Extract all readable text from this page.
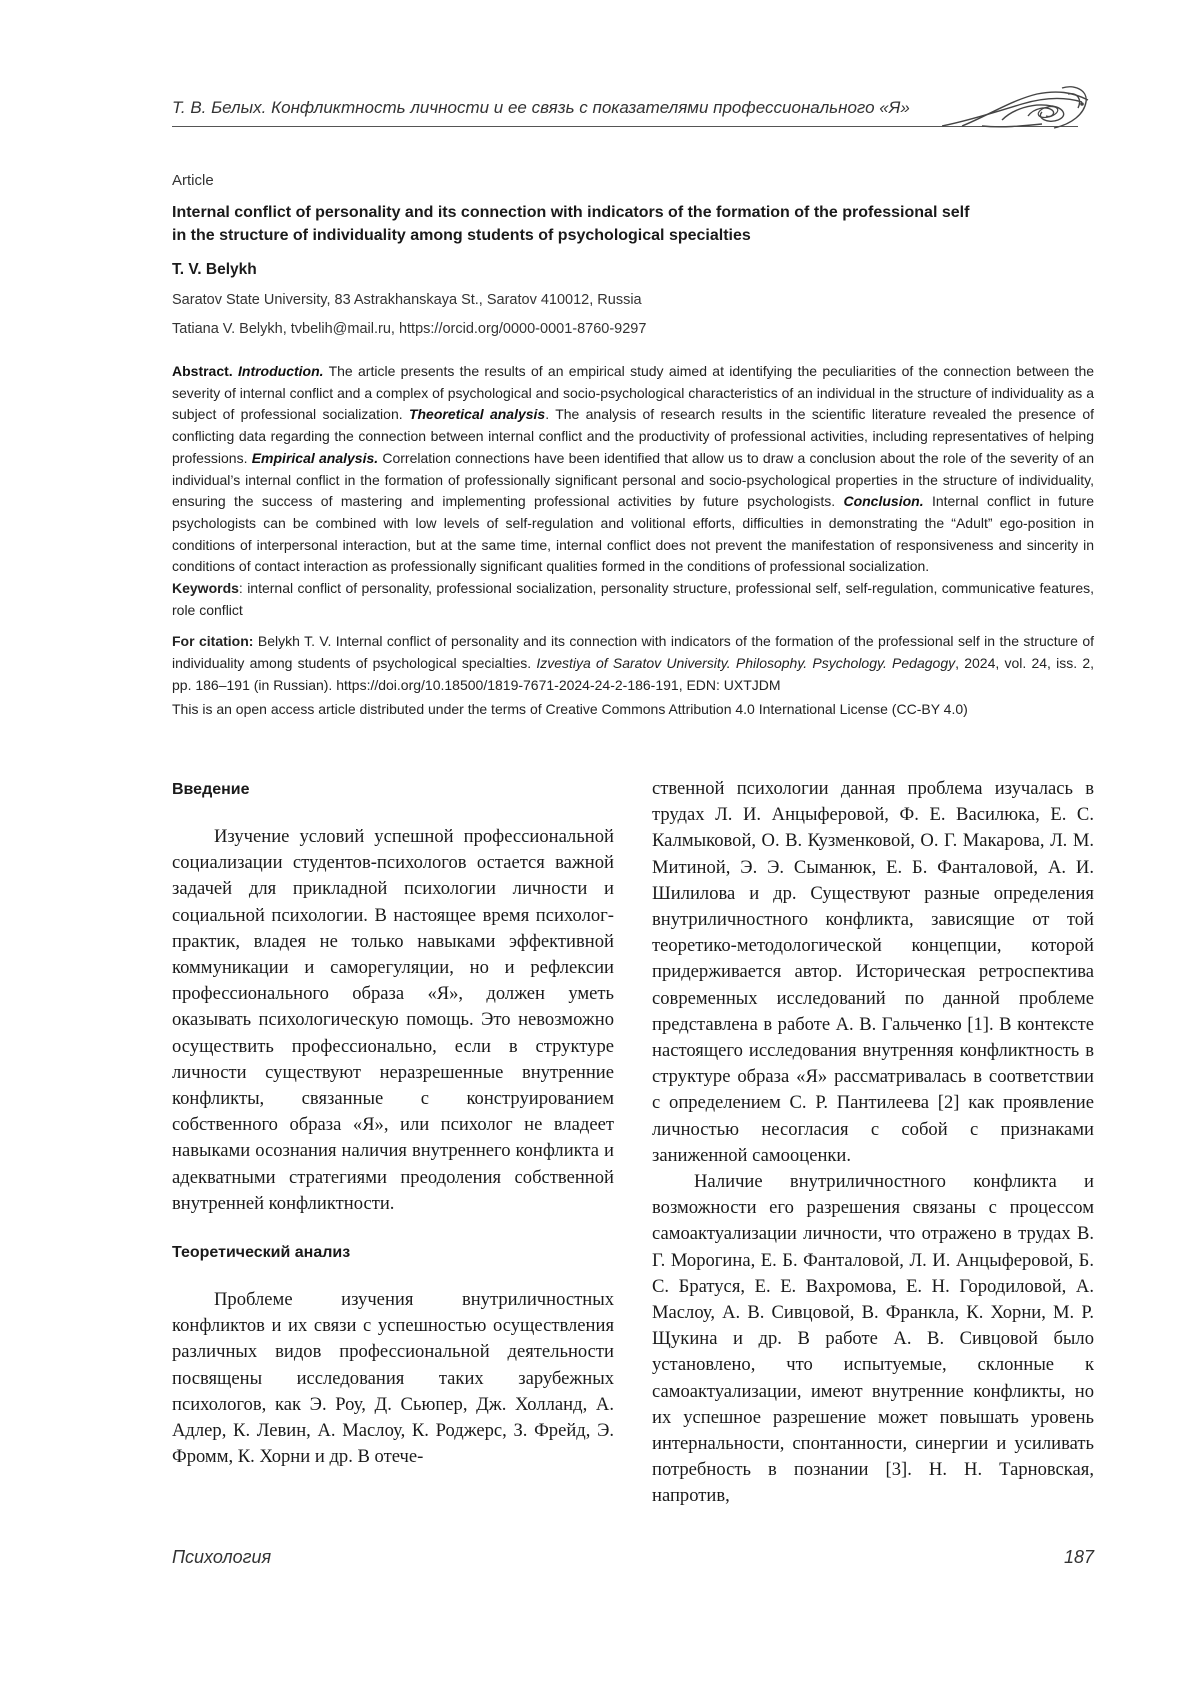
Т. В. Белых. Конфликтность личности и ее связь с показателями профессионального «Я»
Article
Internal conflict of personality and its connection with indicators of the formation of the professional self
in the structure of individuality among students of psychological specialties
T. V. Belykh
Saratov State University, 83 Astrakhanskaya St., Saratov 410012, Russia
Tatiana V. Belykh, tvbelih@mail.ru, https://orcid.org/0000-0001-8760-9297
Abstract. Introduction. The article presents the results of an empirical study aimed at identifying the peculiarities of the connection between the severity of internal conflict and a complex of psychological and socio-psychological characteristics of an individual in the structure of individuality as a subject of professional socialization. Theoretical analysis. The analysis of research results in the scientific literature revealed the presence of conflicting data regarding the connection between internal conflict and the productivity of professional activities, including representatives of helping professions. Empirical analysis. Correlation connections have been identified that allow us to draw a conclusion about the role of the severity of an individual’s internal conflict in the formation of professionally significant personal and socio-psychological properties in the structure of individuality, ensuring the success of mastering and implementing professional activities by future psychologists. Conclusion. Internal conflict in future psychologists can be combined with low levels of self-regulation and volitional efforts, difficulties in demonstrating the “Adult” ego-position in conditions of interpersonal interaction, but at the same time, internal conflict does not prevent the manifestation of responsiveness and sincerity in conditions of contact interaction as professionally significant qualities formed in the conditions of professional socialization.
Keywords: internal conflict of personality, professional socialization, personality structure, professional self, self-regulation, communicative features, role conflict
For citation: Belykh T. V. Internal conflict of personality and its connection with indicators of the formation of the professional self in the structure of individuality among students of psychological specialties. Izvestiya of Saratov University. Philosophy. Psychology. Pedagogy, 2024, vol. 24, iss. 2, pp. 186–191 (in Russian). https://doi.org/10.18500/1819-7671-2024-24-2-186-191, EDN: UXTJDM
This is an open access article distributed under the terms of Creative Commons Attribution 4.0 International License (CC-BY 4.0)
Введение

Изучение условий успешной профессиональной социализации студентов-психологов остается важной задачей для прикладной психологии личности и социальной психологии. В настоящее время психолог-практик, владея не только навыками эффективной коммуникации и саморегуляции, но и рефлексии профессионального образа «Я», должен уметь оказывать психологическую помощь. Это невозможно осуществить профессионально, если в структуре личности существуют неразрешенные внутренние конфликты, связанные с конструированием собственного образа «Я», или психолог не владеет навыками осознания наличия внутреннего конфликта и адекватными стратегиями преодоления собственной внутренней конфликтности.

Теоретический анализ

Проблеме изучения внутриличностных конфликтов и их связи с успешностью осуществления различных видов профессиональной деятельности посвящены исследования таких зарубежных психологов, как Э. Роу, Д. Сьюпер, Дж. Холланд, А. Адлер, К. Левин, А. Маслоу, К. Роджерс, З. Фрейд, Э. Фромм, К. Хорни и др. В отече-

ственной психологии данная проблема изучалась в трудах Л. И. Анцыферовой, Ф. Е. Василюка, Е. С. Калмыковой, О. В. Кузменковой, О. Г. Макарова, Л. М. Митиной, Э. Э. Сыманюк, Е. Б. Фанталовой, А. И. Шилилова и др. Существуют разные определения внутриличностного конфликта, зависящие от той теоретико-методологической концепции, которой придерживается автор. Историческая ретроспектива современных исследований по данной проблеме представлена в работе А. В. Гальченко [1]. В контексте настоящего исследования внутренняя конфликтность в структуре образа «Я» рассматривалась в соответствии с определением С. Р. Пантилеева [2] как проявление личностью несогласия с собой с признаками заниженной самооценки.

Наличие внутриличностного конфликта и возможности его разрешения связаны с процессом самоактуализации личности, что отражено в трудах В. Г. Морогина, Е. Б. Фанталовой, Л. И. Анцыферовой, Б. С. Братуся, Е. Е. Вахромова, Е. Н. Городиловой, А. Маслоу, А. В. Сивцовой, В. Франкла, К. Хорни, М. Р. Щукина и др. В работе А. В. Сивцовой было установлено, что испытуемые, склонные к самоактуализации, имеют внутренние конфликты, но их успешное разрешение может повышать уровень интернальности, спонтанности, синергии и усиливать потребность в познании [3]. Н. Н. Тарновская, напротив,

Психология	187
